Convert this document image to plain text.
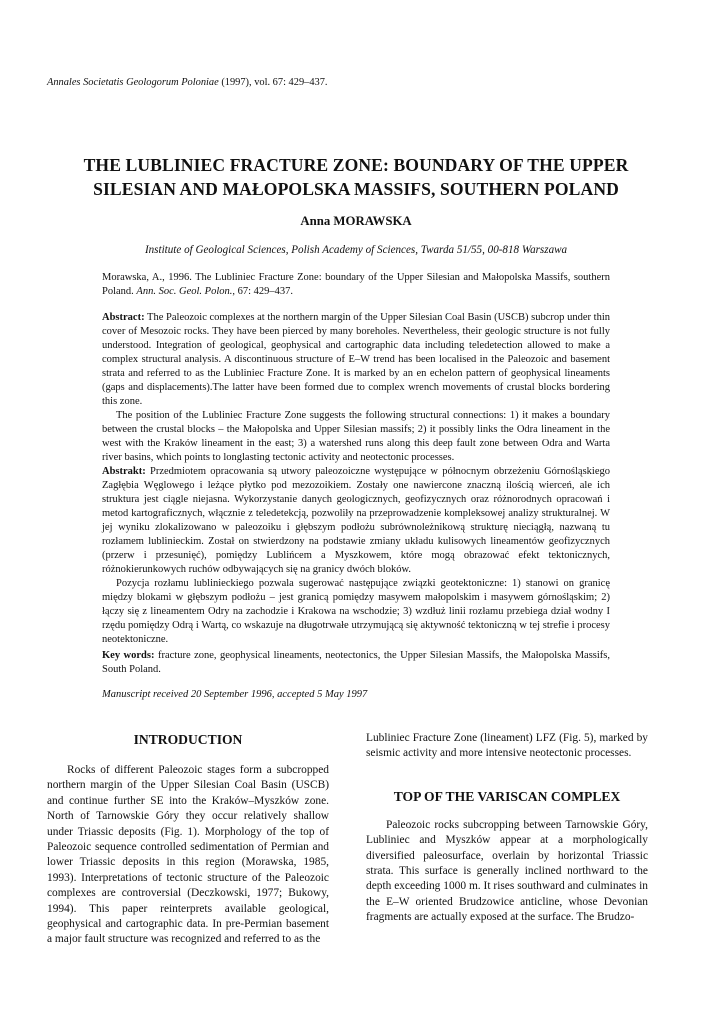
Annales Societatis Geologorum Poloniae (1997), vol. 67: 429–437.
THE LUBLINIEC FRACTURE ZONE: BOUNDARY OF THE UPPER SILESIAN AND MAŁOPOLSKA MASSIFS, SOUTHERN POLAND
Anna MORAWSKA
Institute of Geological Sciences, Polish Academy of Sciences, Twarda 51/55, 00-818 Warszawa
Morawska, A., 1996. The Lubliniec Fracture Zone: boundary of the Upper Silesian and Małopolska Massifs, southern Poland. Ann. Soc. Geol. Polon., 67: 429–437.

Abstract: The Paleozoic complexes at the northern margin of the Upper Silesian Coal Basin (USCB) subcrop under thin cover of Mesozoic rocks. They have been pierced by many boreholes. Nevertheless, their geologic structure is not fully understood. Integration of geological, geophysical and cartographic data including teledetection allowed to make a complex structural analysis. A discontinuous structure of E–W trend has been localised in the Paleozoic and basement strata and referred to as the Lubliniec Fracture Zone. It is marked by an en echelon pattern of geophysical lineaments (gaps and displacements).The latter have been formed due to complex wrench movements of crustal blocks bordering this zone.

The position of the Lubliniec Fracture Zone suggests the following structural connections: 1) it makes a boundary between the crustal blocks – the Małopolska and Upper Silesian massifs; 2) it possibly links the Odra lineament in the west with the Kraków lineament in the east; 3) a watershed runs along this deep fault zone between Odra and Warta river basins, which points to longlasting tectonic activity and neotectonic processes.

Abstrakt: Przedmiotem opracowania są utwory paleozoiczne występujące w północnym obrzeżeniu Górnośląskiego Zagłębia Węglowego i leżące płytko pod mezozoikiem. Zostały one nawiercone znaczną ilością wierceń, ale ich struktura jest ciągle niejasna. Wykorzystanie danych geologicznych, geofizycznych oraz różnorodnych opracowań i metod kartograficznych, włącznie z teledetekcją, pozwoliły na przeprowadzenie kompleksowej analizy strukturalnej. W jej wyniku zlokalizowano w paleozoiku i głębszym podłożu subrównoleżnikową strukturę nieciągłą, nazwaną tu rozłamem lublinieckim. Został on stwierdzony na podstawie zmiany układu kulisowych lineamentów geofizycznych (przerw i przesunięć), pomiędzy Lublińcem a Myszkowem, które mogą obrazować efekt tektonicznych, różnokierunkowych ruchów odbywających się na granicy dwóch bloków.

Pozycja rozłamu lublinieckiego pozwala sugerować następujące związki geotektoniczne: 1) stanowi on granicę między blokami w głębszym podłożu – jest granicą pomiędzy masywem małopolskim i masywem górnośląskim; 2) łączy się z lineamentem Odry na zachodzie i Krakowa na wschodzie; 3) wzdłuż linii rozłamu przebiega dział wodny I rzędu pomiędzy Odrą i Wartą, co wskazuje na długotrwałe utrzymującą się aktywność tektoniczną w tej strefie i procesy neotektoniczne.

Key words: fracture zone, geophysical lineaments, neotectonics, the Upper Silesian Massifs, the Małopolska Massifs, South Poland.
Manuscript received 20 September 1996, accepted 5 May 1997
INTRODUCTION

Rocks of different Paleozoic stages form a subcropped northern margin of the Upper Silesian Coal Basin (USCB) and continue further SE into the Kraków–Myszków zone. North of Tarnowskie Góry they occur relatively shallow under Triassic deposits (Fig. 1). Morphology of the top of Paleozoic sequence controlled sedimentation of Permian and lower Triassic deposits in this region (Morawska, 1985, 1993). Interpretations of tectonic structure of the Paleozoic complexes are controversial (Deczkowski, 1977; Bukowy, 1994). This paper reinterprets available geological, geophysical and cartographic data. In pre-Permian basement a major fault structure was recognized and referred to as the

Lubliniec Fracture Zone (lineament) LFZ (Fig. 5), marked by seismic activity and more intensive neotectonic processes.

TOP OF THE VARISCAN COMPLEX

Paleozoic rocks subcropping between Tarnowskie Góry, Lubliniec and Myszków appear at a morphologically diversified paleosurface, overlain by horizontal Triassic strata. This surface is generally inclined northward to the depth exceeding 1000 m. It rises southward and culminates in the E–W oriented Brudzowice anticline, whose Devonian fragments are actually exposed at the surface. The Brudzo-
